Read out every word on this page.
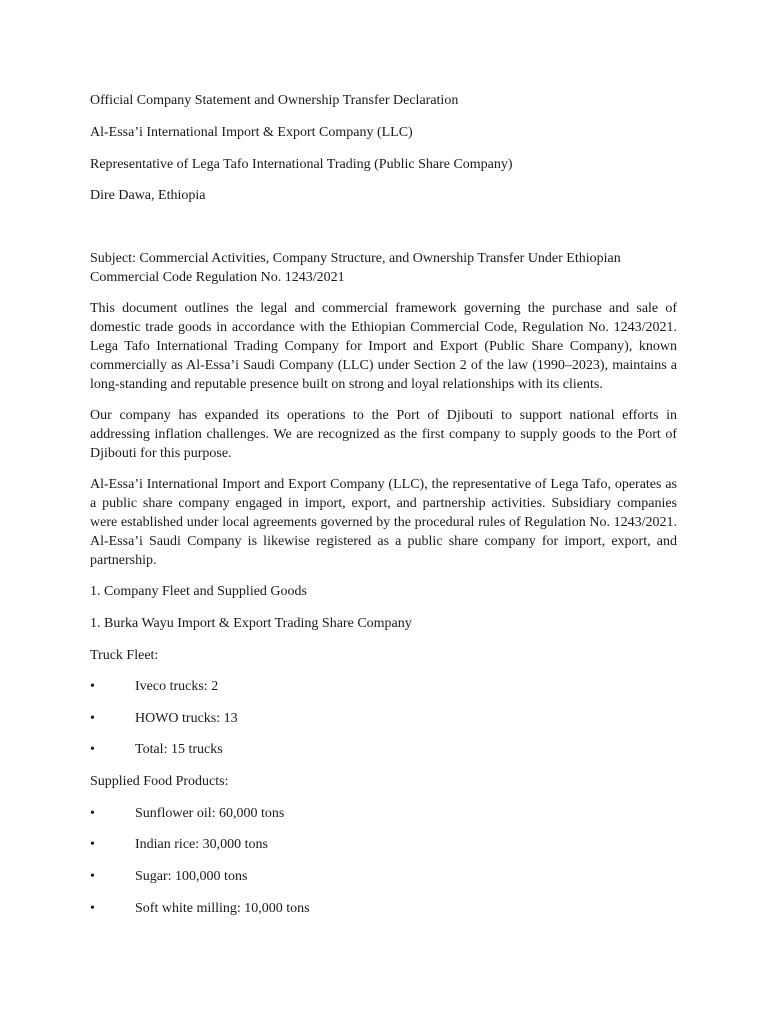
Official Company Statement and Ownership Transfer Declaration

Al-Essa’i International Import & Export Company (LLC)

Representative of Lega Tafo International Trading (Public Share Company)

Dire Dawa, Ethiopia

Subject: Commercial Activities, Company Structure, and Ownership Transfer Under Ethiopian Commercial Code Regulation No. 1243/2021

This document outlines the legal and commercial framework governing the purchase and sale of domestic trade goods in accordance with the Ethiopian Commercial Code, Regulation No. 1243/2021. Lega Tafo International Trading Company for Import and Export (Public Share Company), known commercially as Al-Essa’i Saudi Company (LLC) under Section 2 of the law (1990–2023), maintains a long-standing and reputable presence built on strong and loyal relationships with its clients.

Our company has expanded its operations to the Port of Djibouti to support national efforts in addressing inflation challenges. We are recognized as the first company to supply goods to the Port of Djibouti for this purpose.

Al-Essa’i International Import and Export Company (LLC), the representative of Lega Tafo, operates as a public share company engaged in import, export, and partnership activities. Subsidiary companies were established under local agreements governed by the procedural rules of Regulation No. 1243/2021. Al-Essa’i Saudi Company is likewise registered as a public share company for import, export, and partnership.

1. Company Fleet and Supplied Goods

1. Burka Wayu Import & Export Trading Share Company

Truck Fleet:

•	Iveco trucks: 2
•	HOWO trucks: 13
•	Total: 15 trucks

Supplied Food Products:

•	Sunflower oil: 60,000 tons
•	Indian rice: 30,000 tons
•	Sugar: 100,000 tons
•	Soft white milling: 10,000 tons
